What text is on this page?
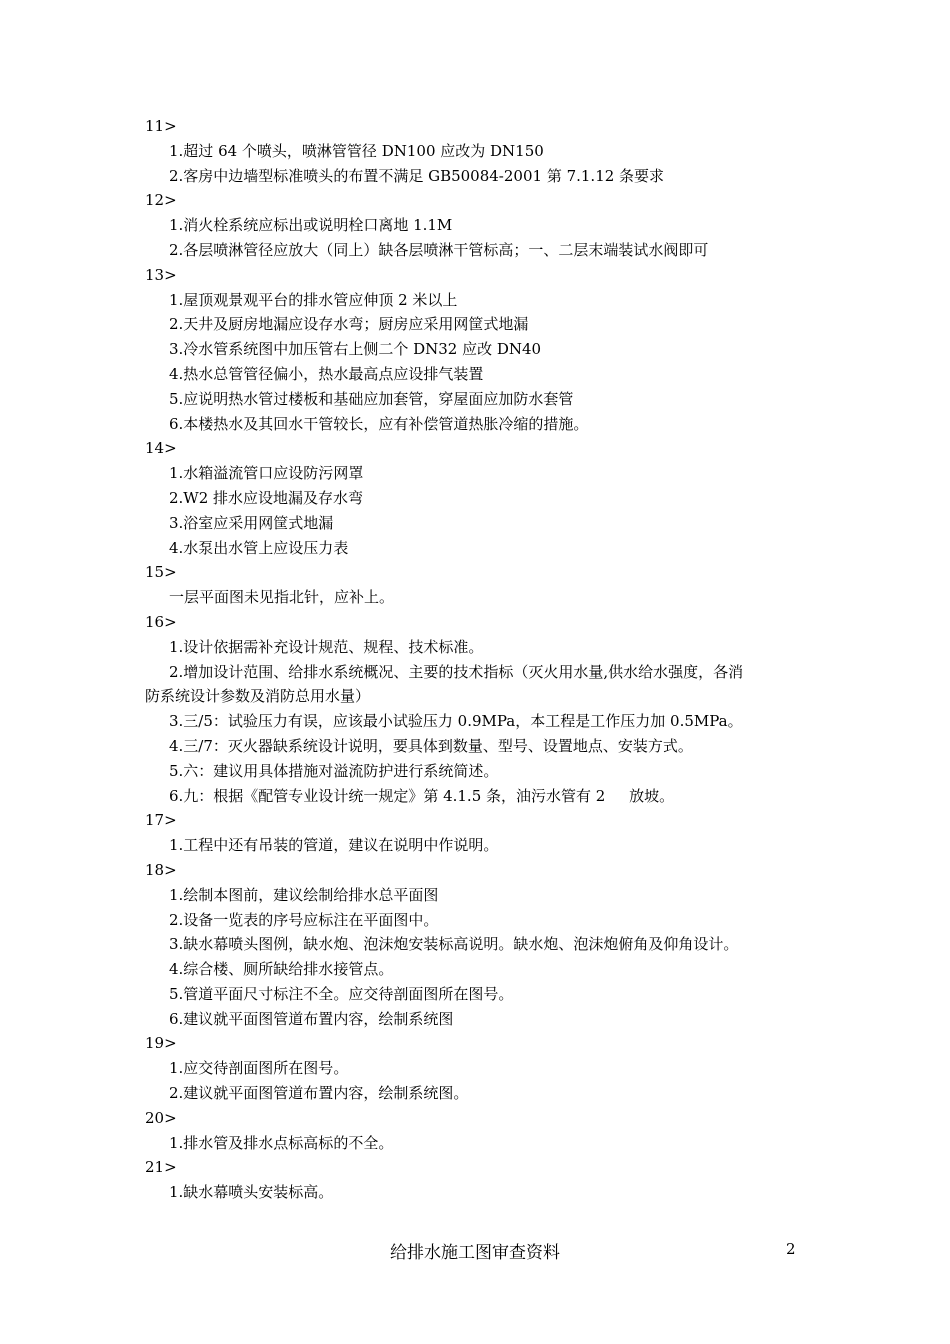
11>
1.超过 64 个喷头，喷淋管管径 DN100 应改为 DN150
2.客房中边墙型标准喷头的布置不满足 GB50084-2001 第 7.1.12 条要求
12>
1.消火栓系统应标出或说明栓口离地 1.1M
2.各层喷淋管径应放大（同上）缺各层喷淋干管标高；一、二层末端装试水阀即可
13>
1.屋顶观景观平台的排水管应伸顶 2 米以上
2.天井及厨房地漏应设存水弯；厨房应采用网筐式地漏
3.冷水管系统图中加压管右上侧二个 DN32 应改 DN40
4.热水总管管径偏小，热水最高点应设排气装置
5.应说明热水管过楼板和基础应加套管，穿屋面应加防水套管
6.本楼热水及其回水干管较长，应有补偿管道热胀冷缩的措施。
14>
1.水箱溢流管口应设防污网罩
2.W2 排水应设地漏及存水弯
3.浴室应采用网筐式地漏
4.水泵出水管上应设压力表
15>
一层平面图未见指北针，应补上。
16>
1.设计依据需补充设计规范、规程、技术标准。
2.增加设计范围、给排水系统概况、主要的技术指标（灭火用水量,供水给水强度，各消
防系统设计参数及消防总用水量）
3.三/5：试验压力有误，应该最小试验压力 0.9MPa，本工程是工作压力加 0.5MPa。
4.三/7：灭火器缺系统设计说明，要具体到数量、型号、设置地点、安装方式。
5.六：建议用具体措施对溢流防护进行系统简述。
6.九：根据《配管专业设计统一规定》第 4.1.5 条，油污水管有 2     放坡。
17>
1.工程中还有吊装的管道，建议在说明中作说明。
18>
1.绘制本图前，建议绘制给排水总平面图
2.设备一览表的序号应标注在平面图中。
3.缺水幕喷头图例，缺水炮、泡沫炮安装标高说明。缺水炮、泡沫炮俯角及仰角设计。
4.综合楼、厕所缺给排水接管点。
5.管道平面尺寸标注不全。应交待剖面图所在图号。
6.建议就平面图管道布置内容，绘制系统图
19>
1.应交待剖面图所在图号。
2.建议就平面图管道布置内容，绘制系统图。
20>
1.排水管及排水点标高标的不全。
21>
1.缺水幕喷头安装标高。
给排水施工图审查资料	2
